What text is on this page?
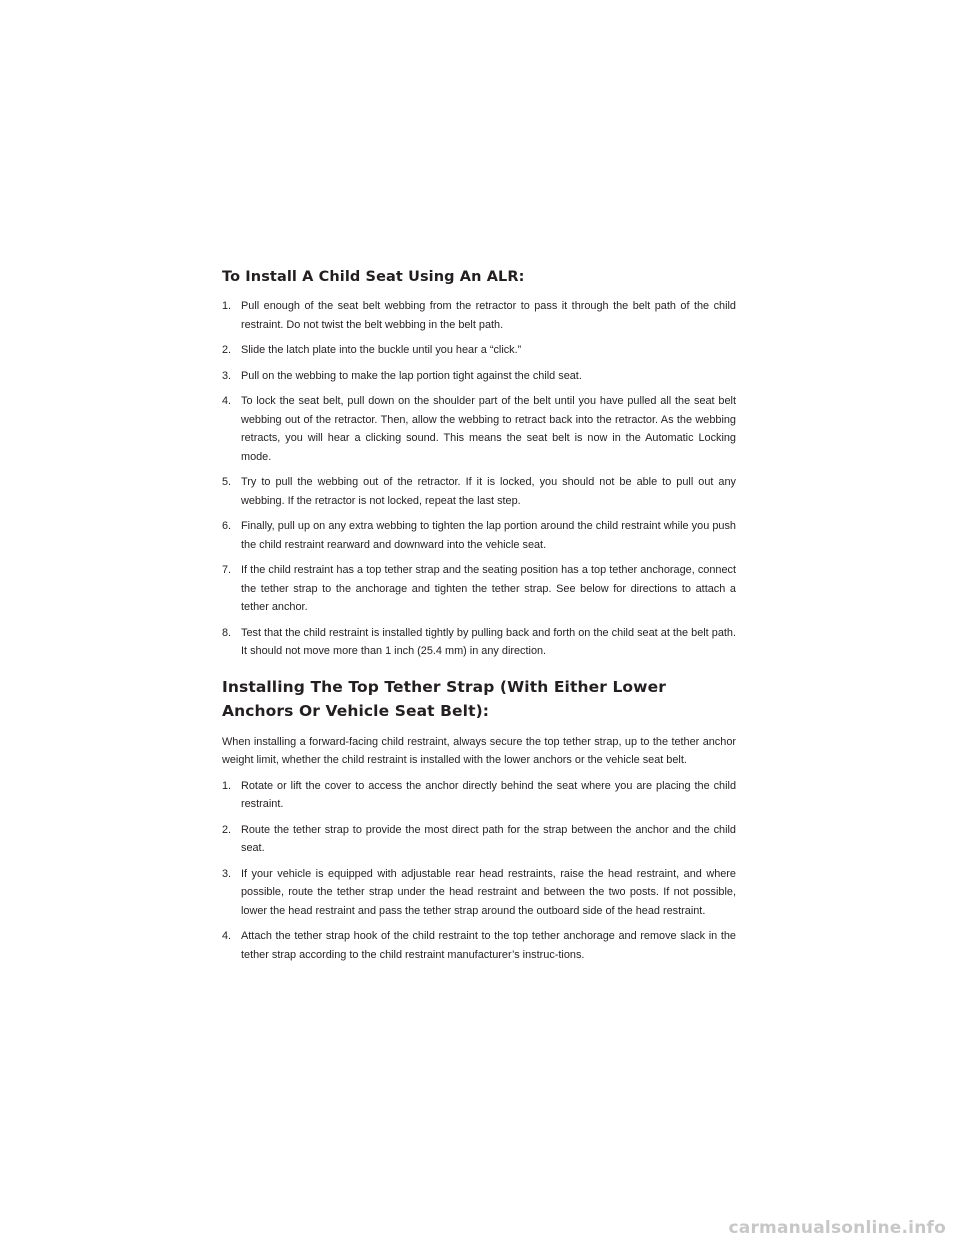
To Install A Child Seat Using An ALR:
1. Pull enough of the seat belt webbing from the retractor to pass it through the belt path of the child restraint. Do not twist the belt webbing in the belt path.
2. Slide the latch plate into the buckle until you hear a “click.”
3. Pull on the webbing to make the lap portion tight against the child seat.
4. To lock the seat belt, pull down on the shoulder part of the belt until you have pulled all the seat belt webbing out of the retractor. Then, allow the webbing to retract back into the retractor. As the webbing retracts, you will hear a clicking sound. This means the seat belt is now in the Automatic Locking mode.
5. Try to pull the webbing out of the retractor. If it is locked, you should not be able to pull out any webbing. If the retractor is not locked, repeat the last step.
6. Finally, pull up on any extra webbing to tighten the lap portion around the child restraint while you push the child restraint rearward and downward into the vehicle seat.
7. If the child restraint has a top tether strap and the seating position has a top tether anchorage, connect the tether strap to the anchorage and tighten the tether strap. See below for directions to attach a tether anchor.
8. Test that the child restraint is installed tightly by pulling back and forth on the child seat at the belt path. It should not move more than 1 inch (25.4 mm) in any direction.
Installing The Top Tether Strap (With Either Lower Anchors Or Vehicle Seat Belt):

When installing a forward-facing child restraint, always secure the top tether strap, up to the tether anchor weight limit, whether the child restraint is installed with the lower anchors or the vehicle seat belt.

1. Rotate or lift the cover to access the anchor directly behind the seat where you are placing the child restraint.
2. Route the tether strap to provide the most direct path for the strap between the anchor and the child seat.
3. If your vehicle is equipped with adjustable rear head restraints, raise the head restraint, and where possible, route the tether strap under the head restraint and between the two posts. If not possible, lower the head restraint and pass the tether strap around the outboard side of the head restraint.
4. Attach the tether strap hook of the child restraint to the top tether anchorage and remove slack in the tether strap according to the child restraint manufacturer’s instruc-tions.
carmanualsonline.info
